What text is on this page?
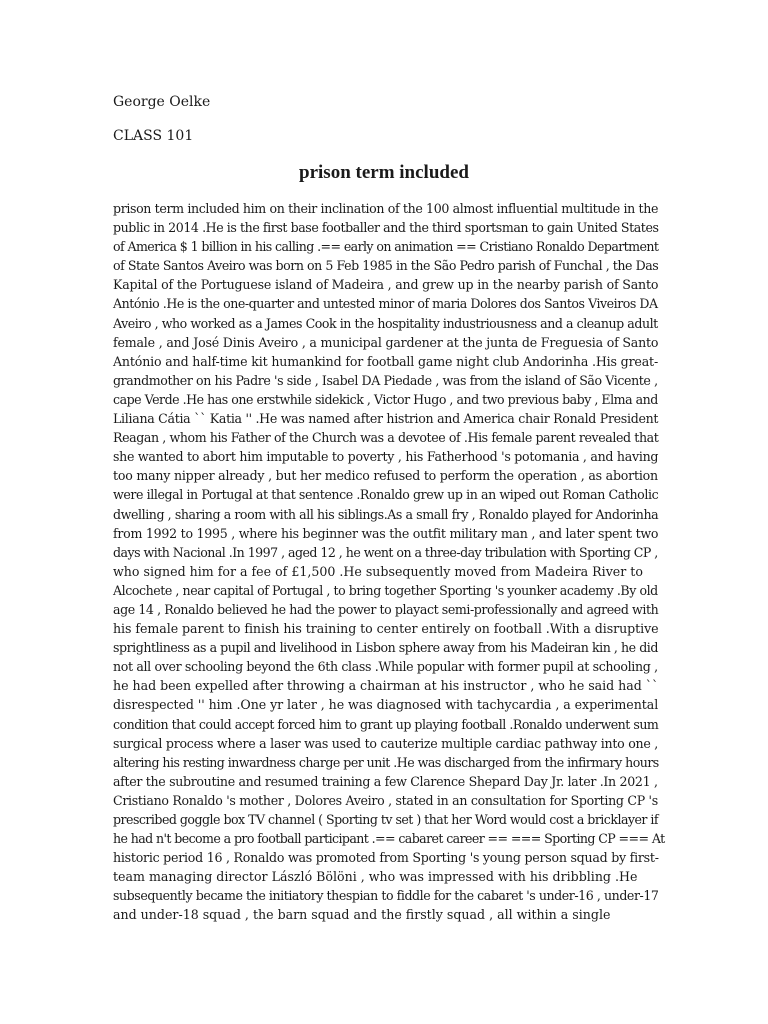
George Oelke
CLASS 101
prison term included
prison term included him on their inclination of the 100 almost influential multitude in the
public in 2014 .He is the first base footballer and the third sportsman to gain United States
of America $ 1 billion in his calling .== early on animation == Cristiano Ronaldo Department
of State Santos Aveiro was born on 5 Feb 1985 in the São Pedro parish of Funchal , the Das
Kapital of the Portuguese island of Madeira , and grew up in the nearby parish of Santo
António .He is the one-quarter and untested minor of maria Dolores dos Santos Viveiros DA
Aveiro , who worked as a James Cook in the hospitality industriousness and a cleanup adult
female , and José Dinis Aveiro , a municipal gardener at the junta de Freguesia of Santo
António and half-time kit humankind for football game night club Andorinha .His great-
grandmother on his Padre 's side , Isabel DA Piedade , was from the island of São Vicente ,
cape Verde .He has one erstwhile sidekick , Victor Hugo , and two previous baby , Elma and
Liliana Cátia `` Katia '' .He was named after histrion and America chair Ronald President
Reagan , whom his Father of the Church was a devotee of .His female parent revealed that
she wanted to abort him imputable to poverty , his Fatherhood 's potomania , and having
too many nipper already , but her medico refused to perform the operation , as abortion
were illegal in Portugal at that sentence .Ronaldo grew up in an wiped out Roman Catholic
dwelling , sharing a room with all his siblings.As a small fry , Ronaldo played for Andorinha
from 1992 to 1995 , where his beginner was the outfit military man , and later spent two
days with Nacional .In 1997 , aged 12 , he went on a three-day tribulation with Sporting CP ,
who signed him for a fee of £1,500 .He subsequently moved from Madeira River to
Alcochete , near capital of Portugal , to bring together Sporting 's younker academy .By old
age 14 , Ronaldo believed he had the power to playact semi-professionally and agreed with
his female parent to finish his training to center entirely on football .With a disruptive
sprightliness as a pupil and livelihood in Lisbon sphere away from his Madeiran kin , he did
not all over schooling beyond the 6th class .While popular with former pupil at schooling ,
he had been expelled after throwing a chairman at his instructor , who he said had ``
disrespected '' him .One yr later , he was diagnosed with tachycardia , a experimental
condition that could accept forced him to grant up playing football .Ronaldo underwent sum
surgical process where a laser was used to cauterize multiple cardiac pathway into one ,
altering his resting inwardness charge per unit .He was discharged from the infirmary hours
after the subroutine and resumed training a few Clarence Shepard Day Jr. later .In 2021 ,
Cristiano Ronaldo 's mother , Dolores Aveiro , stated in an consultation for Sporting CP 's
prescribed goggle box TV channel ( Sporting tv set ) that her Word would cost a bricklayer if
he had n't become a pro football participant .== cabaret career == === Sporting CP === At
historic period 16 , Ronaldo was promoted from Sporting 's young person squad by first-
team managing director László Bölöni , who was impressed with his dribbling .He
subsequently became the initiatory thespian to fiddle for the cabaret 's under-16 , under-17
and under-18 squad , the barn squad and the firstly squad , all within a single
